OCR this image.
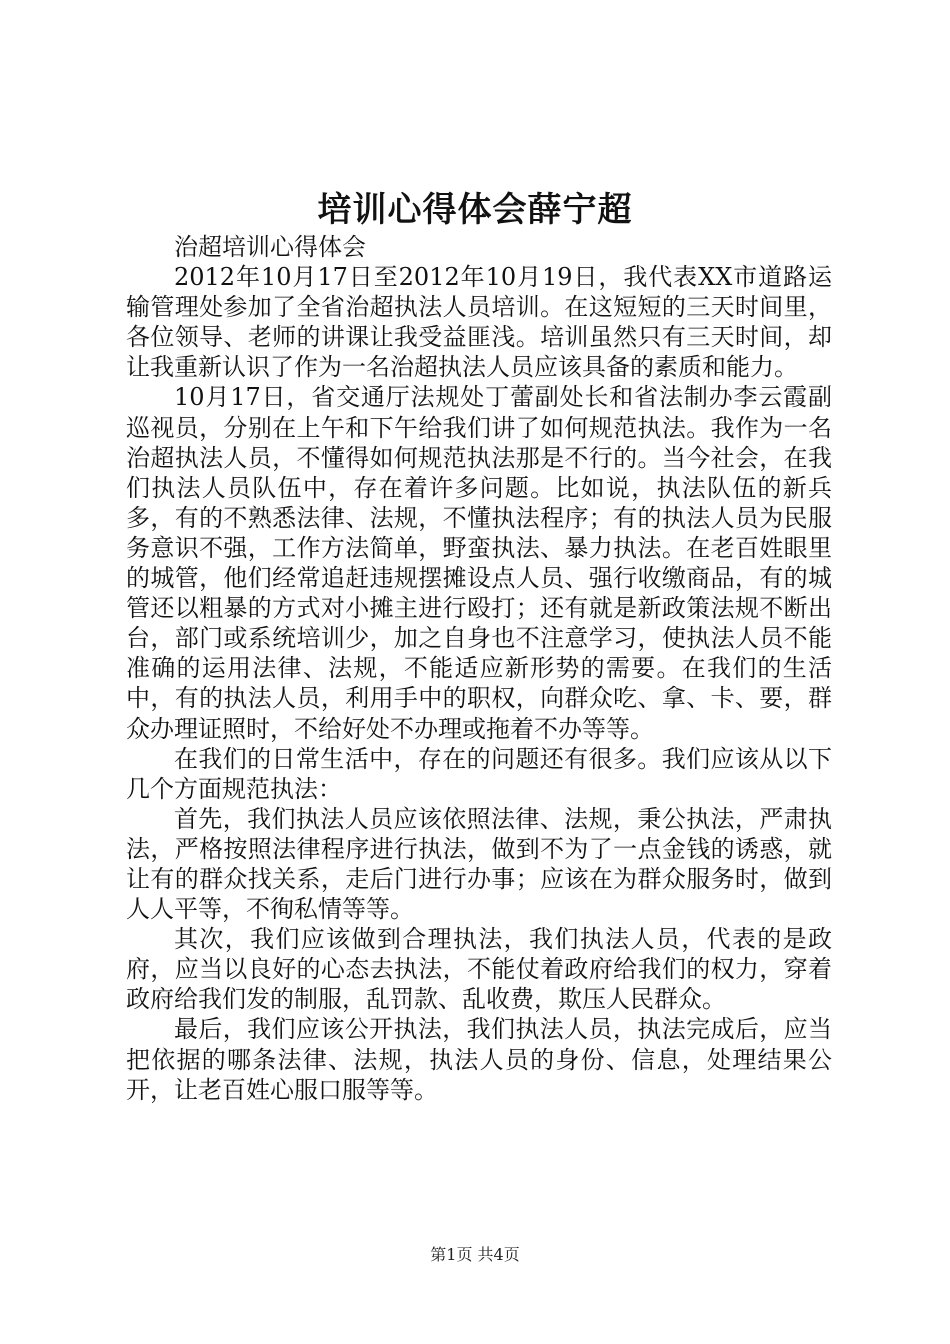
培训心得体会薛宁超

治超培训心得体会

2012年10月17日至2012年10月19日，我代表XX市道路运输管理处参加了全省治超执法人员培训。在这短短的三天时间里，各位领导、老师的讲课让我受益匪浅。培训虽然只有三天时间，却让我重新认识了作为一名治超执法人员应该具备的素质和能力。

10月17日，省交通厅法规处丁蕾副处长和省法制办李云霞副巡视员，分别在上午和下午给我们讲了如何规范执法。我作为一名治超执法人员，不懂得如何规范执法那是不行的。当今社会，在我们执法人员队伍中，存在着许多问题。比如说，执法队伍的新兵多，有的不熟悉法律、法规，不懂执法程序；有的执法人员为民服务意识不强，工作方法简单，野蛮执法、暴力执法。在老百姓眼里的城管，他们经常追赶违规摆摊设点人员、强行收缴商品，有的城管还以粗暴的方式对小摊主进行殴打；还有就是新政策法规不断出台，部门或系统培训少，加之自身也不注意学习，使执法人员不能准确的运用法律、法规，不能适应新形势的需要。在我们的生活中，有的执法人员，利用手中的职权，向群众吃、拿、卡、要，群众办理证照时，不给好处不办理或拖着不办等等。

在我们的日常生活中，存在的问题还有很多。我们应该从以下几个方面规范执法：

首先，我们执法人员应该依照法律、法规，秉公执法，严肃执法，严格按照法律程序进行执法，做到不为了一点金钱的诱惑，就让有的群众找关系，走后门进行办事；应该在为群众服务时，做到人人平等，不徇私情等等。

其次，我们应该做到合理执法，我们执法人员，代表的是政府，应当以良好的心态去执法，不能仗着政府给我们的权力，穿着政府给我们发的制服，乱罚款、乱收费，欺压人民群众。

最后，我们应该公开执法，我们执法人员，执法完成后，应当把依据的哪条法律、法规，执法人员的身份、信息，处理结果公开，让老百姓心服口服等等。

第1页 共4页
